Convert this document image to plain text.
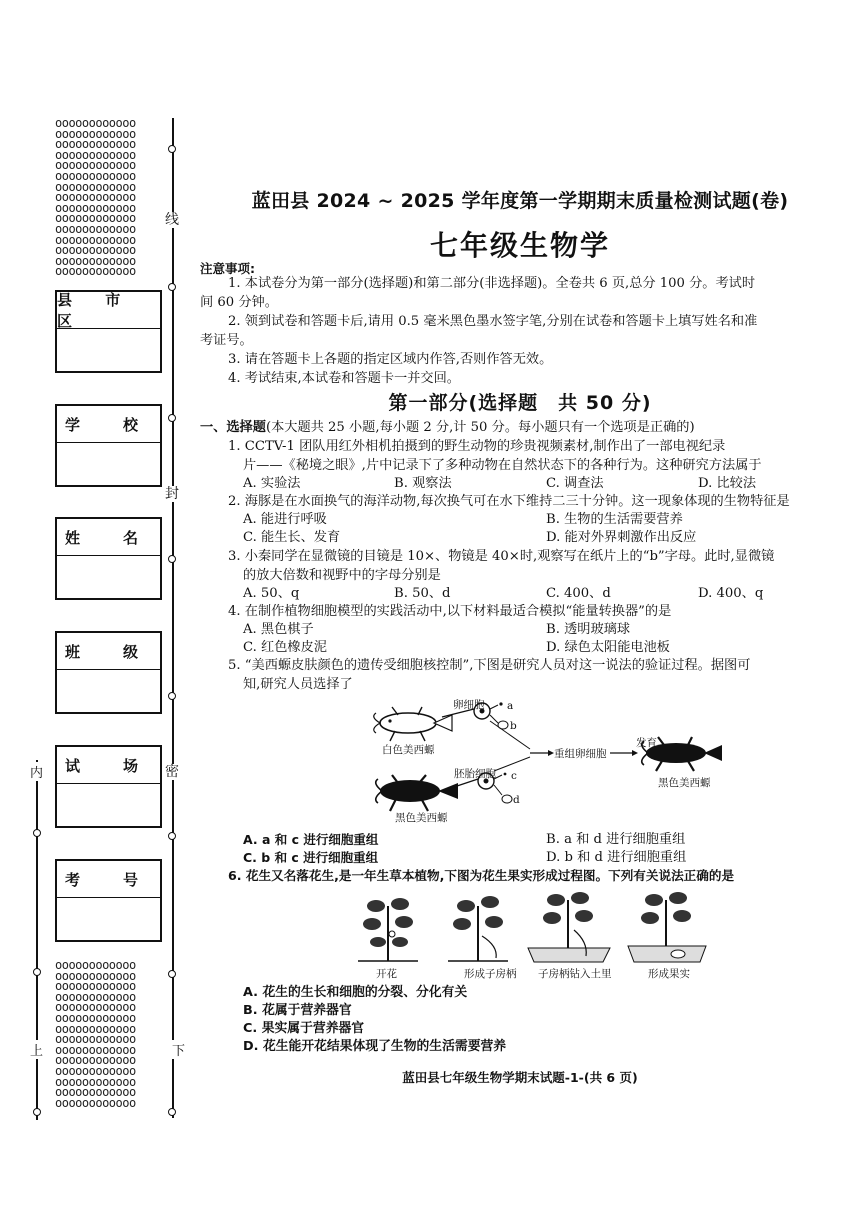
oooooooooooo
oooooooooooo
oooooooooooo
oooooooooooo
oooooooooooo
oooooooooooo
oooooooooooo
oooooooooooo
oooooooooooo
oooooooooooo
oooooooooooo
oooooooooooo
oooooooooooo
oooooooooooo
oooooooooooo
oooooooooooo
oooooooooooo
oooooooooooo
oooooooooooo
oooooooooooo
oooooooooooo
oooooooooooo
oooooooooooo
oooooooooooo
oooooooooooo
oooooooooooo
oooooooooooo
oooooooooooo
oooooooooooo
县 市 区
学　校
姓　名
班　级
试　场
考　号
线
封
密
内
上	下
蓝田县 2024 ~ 2025 学年度第一学期期末质量检测试题(卷)
七年级生物学
注意事项:
1. 本试卷分为第一部分(选择题)和第二部分(非选择题)。全卷共 6 页,总分 100 分。考试时
间 60 分钟。
2. 领到试卷和答题卡后,请用 0.5 毫米黑色墨水签字笔,分别在试卷和答题卡上填写姓名和准
考证号。
3. 请在答题卡上各题的指定区域内作答,否则作答无效。
4. 考试结束,本试卷和答题卡一并交回。
第一部分(选择题　共 50 分)
一、选择题(本大题共 25 小题,每小题 2 分,计 50 分。每小题只有一个选项是正确的)
1. CCTV-1 团队用红外相机拍摄到的野生动物的珍贵视频素材,制作出了一部电视纪录
片——《秘境之眼》,片中记录下了多种动物在自然状态下的各种行为。这种研究方法属于
A. 实验法	B. 观察法	C. 调查法	D. 比较法
2. 海豚是在水面换气的海洋动物,每次换气可在水下维持二三十分钟。这一现象体现的生物特征是
A. 能进行呼吸	B. 生物的生活需要营养
C. 能生长、发育	D. 能对外界刺激作出反应
3. 小秦同学在显微镜的目镜是 10×、物镜是 40×时,观察写在纸片上的“b”字母。此时,显微镜
的放大倍数和视野中的字母分别是
A. 50、q	B. 50、d	C. 400、d	D. 400、q
4. 在制作植物细胞模型的实践活动中,以下材料最适合模拟“能量转换器”的是
A. 黑色棋子	B. 透明玻璃球
C. 红色橡皮泥	D. 绿色太阳能电池板
5. “美西螈皮肤颜色的遗传受细胞核控制”,下图是研究人员对这一说法的验证过程。据图可
知,研究人员选择了
白色美西螈
卵细胞 a
b
胚胎细胞 c
d
黑色美西螈
重组卵细胞
发育
黑色美西螈
A. a 和 c 进行细胞重组	B. a 和 d 进行细胞重组
C. b 和 c 进行细胞重组	D. b 和 d 进行细胞重组
6. 花生又名落花生,是一年生草本植物,下图为花生果实形成过程图。下列有关说法正确的是
开花	形成子房柄 子房柄钻入土里	形成果实
A. 花生的生长和细胞的分裂、分化有关
B. 花属于营养器官
C. 果实属于营养器官
D. 花生能开花结果体现了生物的生活需要营养
蓝田县七年级生物学期末试题-1-(共 6 页)
